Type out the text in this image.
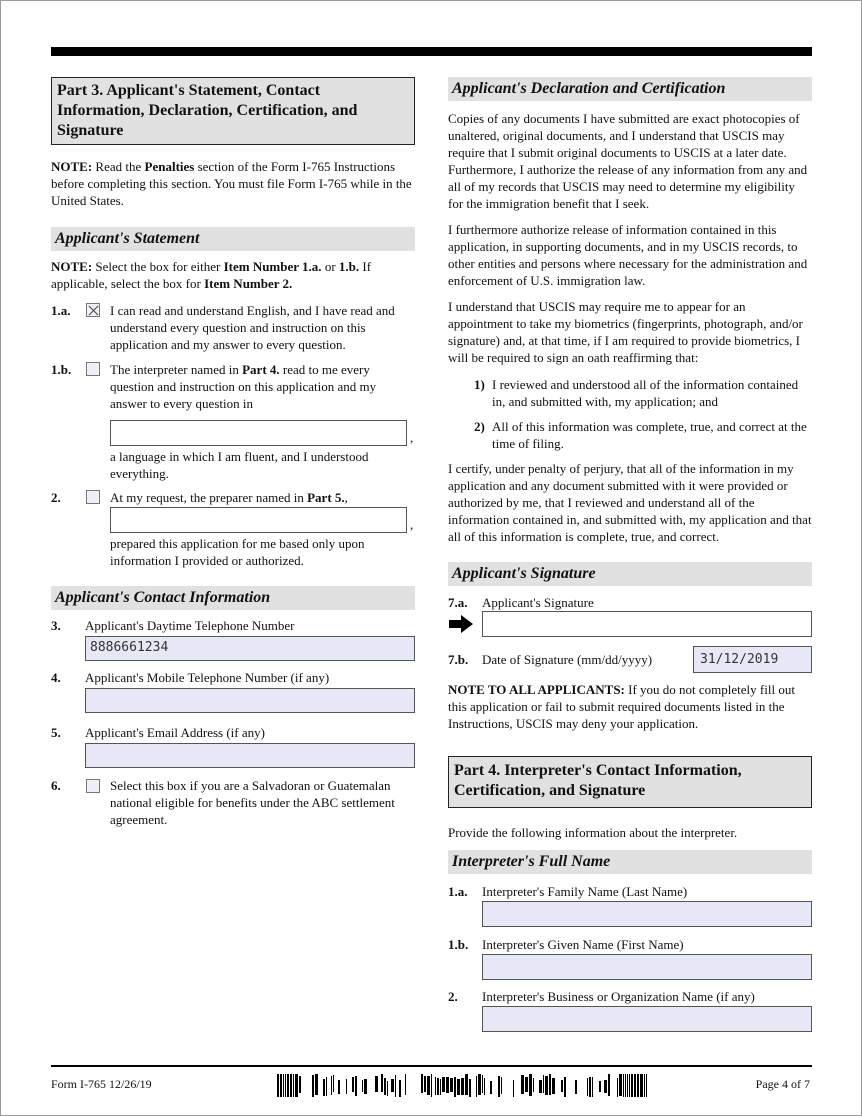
Part 3. Applicant's Statement, Contact Information, Declaration, Certification, and Signature

NOTE: Read the Penalties section of the Form I-765 Instructions before completing this section. You must file Form I-765 while in the United States.

Applicant's Statement

NOTE: Select the box for either Item Number 1.a. or 1.b. If applicable, select the box for Item Number 2.

1.a.	I can read and understand English, and I have read and understand every question and instruction on this application and my answer to every question.
1.b.	The interpreter named in Part 4. read to me every question and instruction on this application and my answer to every question in
,
a language in which I am fluent, and I understood everything.
2.	At my request, the preparer named in Part 5.,
,
prepared this application for me based only upon information I provided or authorized.
Applicant's Contact Information
3. Applicant's Daytime Telephone Number
8886661234
4. Applicant's Mobile Telephone Number (if any)
5. Applicant's Email Address (if any)
6.	Select this box if you are a Salvadoran or Guatemalan national eligible for benefits under the ABC settlement agreement.
Applicant's Declaration and Certification

Copies of any documents I have submitted are exact photocopies of unaltered, original documents, and I understand that USCIS may require that I submit original documents to USCIS at a later date. Furthermore, I authorize the release of any information from any and all of my records that USCIS may need to determine my eligibility for the immigration benefit that I seek.

I furthermore authorize release of information contained in this application, in supporting documents, and in my USCIS records, to other entities and persons where necessary for the administration and enforcement of U.S. immigration law.

I understand that USCIS may require me to appear for an appointment to take my biometrics (fingerprints, photograph, and/or signature) and, at that time, if I am required to provide biometrics, I will be required to sign an oath reaffirming that:

1) I reviewed and understood all of the information contained in, and submitted with, my application; and
2) All of this information was complete, true, and correct at the time of filing.

I certify, under penalty of perjury, that all of the information in my application and any document submitted with it were provided or authorized by me, that I reviewed and understand all of the information contained in, and submitted with, my application and that all of this information is complete, true, and correct.

Applicant's Signature
7.a. Applicant's Signature
7.b. Date of Signature (mm/dd/yyyy)	31/12/2019

NOTE TO ALL APPLICANTS: If you do not completely fill out this application or fail to submit required documents listed in the Instructions, USCIS may deny your application.

Part 4. Interpreter's Contact Information, Certification, and Signature

Provide the following information about the interpreter.

Interpreter's Full Name
1.a. Interpreter's Family Name (Last Name)
1.b. Interpreter's Given Name (First Name)
2. Interpreter's Business or Organization Name (if any)
Form I-765 12/26/19	Page 4 of 7
